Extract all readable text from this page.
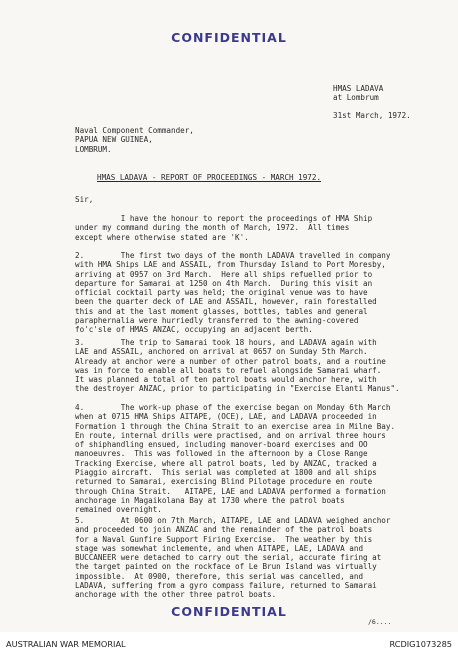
CONFIDENTIAL
HMAS LADAVA
at Lombrum
31st March, 1972.
Naval Component Commander,
PAPUA NEW GUINEA,
LOMBRUM.
HMAS LADAVA - REPORT OF PROCEEDINGS - MARCH 1972.
Sir,
I have the honour to report the proceedings of HMA Ship
under my command during the month of March, 1972.  All times
except where otherwise stated are 'K'.
2.        The first two days of the month LADAVA travelled in company
with HMA Ships LAE and ASSAIL, from Thursday Island to Port Moresby,
arriving at 0957 on 3rd March.  Here all ships refuelled prior to
departure for Samarai at 1250 on 4th March.  During this visit an
official cocktail party was held; the original venue was to have
been the quarter deck of LAE and ASSAIL, however, rain forestalled
this and at the last moment glasses, bottles, tables and general
paraphernalia were hurriedly transferred to the awning-covered
fo'c'sle of HMAS ANZAC, occupying an adjacent berth.
3.        The trip to Samarai took 18 hours, and LADAVA again with
LAE and ASSAIL, anchored on arrival at 0657 on Sunday 5th March.
Already at anchor were a number of other patrol boats, and a routine
was in force to enable all boats to refuel alongside Samarai wharf.
It was planned a total of ten patrol boats would anchor here, with
the destroyer ANZAC, prior to participating in "Exercise Elanti Manus".
4.        The work-up phase of the exercise began on Monday 6th March
when at 0715 HMA Ships AITAPE, (OCE), LAE, and LADAVA proceeded in
Formation 1 through the China Strait to an exercise area in Milne Bay.
En route, internal drills were practised, and on arrival three hours
of shiphandling ensued, including manover-board exercises and OO
manoeuvres.  This was followed in the afternoon by a Close Range
Tracking Exercise, where all patrol boats, led by ANZAC, tracked a
Piaggio aircraft.  This serial was completed at 1800 and all ships
returned to Samarai, exercising Blind Pilotage procedure en route
through China Strait.   AITAPE, LAE and LADAVA performed a formation
anchorage in Magaikolana Bay at 1730 where the patrol boats
remained overnight.
5.        At 0600 on 7th March, AITAPE, LAE and LADAVA weighed anchor
and proceeded to join ANZAC and the remainder of the patrol boats
for a Naval Gunfire Support Firing Exercise.  The weather by this
stage was somewhat inclemente, and when AITAPE, LAE, LADAVA and
BUCCANEER were detached to carry out the serial, accurate firing at
the target painted on the rockface of Le Brun Island was virtually
impossible.  At 0900, therefore, this serial was cancelled, and
LADAVA, suffering from a gyro compass failure, returned to Samarai
anchorage with the other three patrol boats.
CONFIDENTIAL
/6....
AUSTRALIAN WAR MEMORIAL	RCDIG1073285
